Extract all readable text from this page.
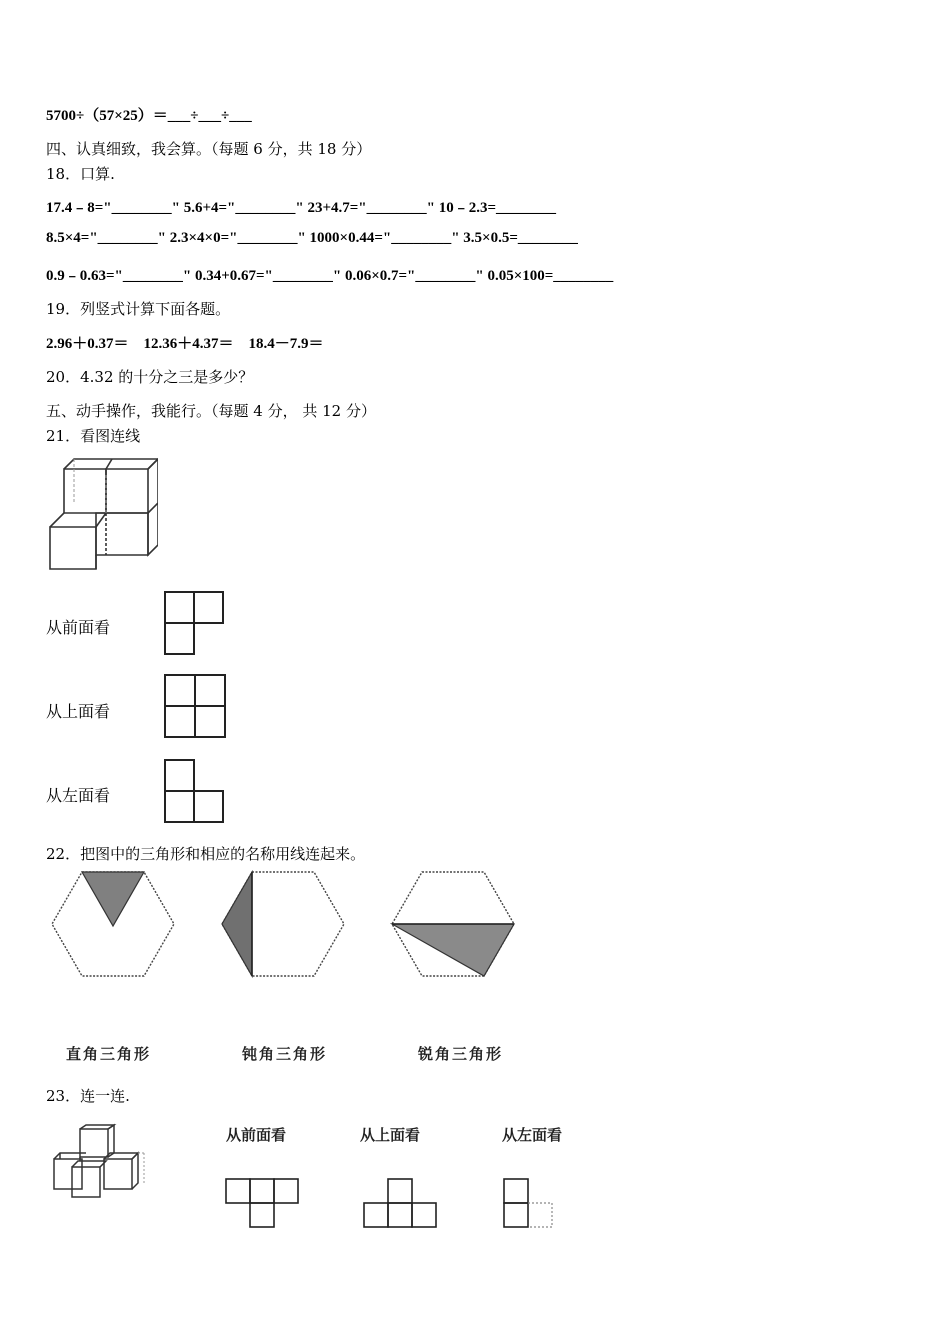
5700÷（57×25）＝___÷___÷___
四、认真细致，我会算。（每题 6 分，共 18 分）
18．口算.
17.4﹣8="________" 5.6+4="________" 23+4.7="________" 10﹣2.3=________
8.5×4="________" 2.3×4×0="________" 1000×0.44="________" 3.5×0.5=________
0.9﹣0.63="________" 0.34+0.67="________" 0.06×0.7="________" 0.05×100=________
19．列竖式计算下面各题。
2.96＋0.37＝    12.36＋4.37＝    18.4－7.9＝
20．4.32 的十分之三是多少？
五、动手操作，我能行。（每题 4 分， 共 12 分）
21．看图连线
从前面看
从上面看
从左面看
22．把图中的三角形和相应的名称用线连起来。
直角三角形	钝角三角形	锐角三角形
23．连一连.
从前面看	从上面看	从左面看
